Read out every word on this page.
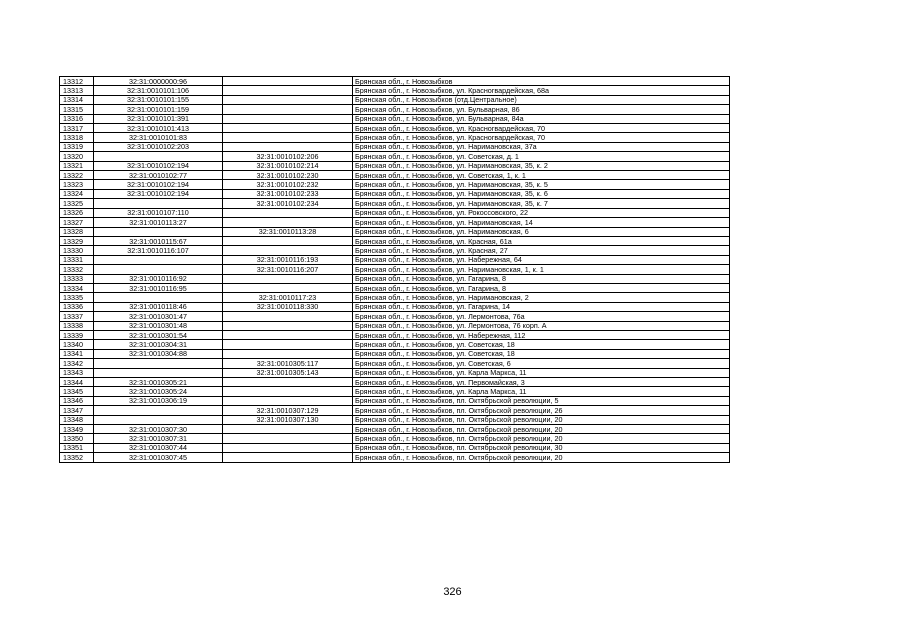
13312	32:31:0000000:96		Брянская обл., г. Новозыбков
13313	32:31:0010101:106		Брянская обл., г. Новозыбков, ул. Красногвардейская, 68а
13314	32:31:0010101:155		Брянская обл., г. Новозыбков (отд.Центральное)
13315	32:31:0010101:159		Брянская обл., г. Новозыбков, ул. Бульварная, 86
13316	32:31:0010101:391		Брянская обл., г. Новозыбков, ул. Бульварная, 84а
13317	32:31:0010101:413		Брянская обл., г. Новозыбков, ул. Красногвардейская, 70
13318	32:31:0010101:83		Брянская обл., г. Новозыбков, ул. Красногвардейская, 70
13319	32:31:0010102:203		Брянская обл., г. Новозыбков, ул. Наримановская, 37а
13320		32:31:0010102:206	Брянская обл., г. Новозыбков, ул. Советская, д. 1
13321	32:31:0010102:194	32:31:0010102:214	Брянская обл., г. Новозыбков, ул. Наримановская, 35, к. 2
13322	32:31:0010102:77	32:31:0010102:230	Брянская обл., г. Новозыбков, ул. Советская, 1, к. 1
13323	32:31:0010102:194	32:31:0010102:232	Брянская обл., г. Новозыбков, ул. Наримановская, 35, к. 5
13324	32:31:0010102:194	32:31:0010102:233	Брянская обл., г. Новозыбков, ул. Наримановская, 35, к. 6
13325		32:31:0010102:234	Брянская обл., г. Новозыбков, ул. Наримановская, 35, к. 7
13326	32:31:0010107:110		Брянская обл., г. Новозыбков, ул. Рокоссовского, 22
13327	32:31:0010113:27		Брянская обл., г. Новозыбков, ул. Наримановская, 14
13328		32:31:0010113:28	Брянская обл., г. Новозыбков, ул. Наримановская, 6
13329	32:31:0010115:67		Брянская обл., г. Новозыбков, ул. Красная, 61а
13330	32:31:0010116:107		Брянская обл., г. Новозыбков, ул. Красная, 27
13331		32:31:0010116:193	Брянская обл., г. Новозыбков, ул. Набережная, 64
13332		32:31:0010116:207	Брянская обл., г. Новозыбков, ул. Наримановская, 1, к. 1
13333	32:31:0010116:92		Брянская обл., г. Новозыбков, ул. Гагарина, 8
13334	32:31:0010116:95		Брянская обл., г. Новозыбков, ул. Гагарина, 8
13335		32:31:0010117:23	Брянская обл., г. Новозыбков, ул. Наримановская, 2
13336	32:31:0010118:46	32:31:0010118:330	Брянская обл., г. Новозыбков, ул. Гагарина, 14
13337	32:31:0010301:47		Брянская обл., г. Новозыбков, ул. Лермонтова, 76а
13338	32:31:0010301:48		Брянская обл., г. Новозыбков, ул. Лермонтова, 76 корп. А
13339	32:31:0010301:54		Брянская обл., г. Новозыбков, ул. Набережная, 112
13340	32:31:0010304:31		Брянская обл., г. Новозыбков, ул. Советская, 18
13341	32:31:0010304:88		Брянская обл., г. Новозыбков, ул. Советская, 18
13342		32:31:0010305:117	Брянская обл., г. Новозыбков, ул. Советская, 6
13343		32:31:0010305:143	Брянская обл., г. Новозыбков, ул. Карла Маркса, 11
13344	32:31:0010305:21		Брянская обл., г. Новозыбков, ул. Первомайская, 3
13345	32:31:0010305:24		Брянская обл., г. Новозыбков, ул. Карла Маркса, 11
13346	32:31:0010306:19		Брянская обл., г. Новозыбков, пл. Октябрьской революции, 5
13347		32:31:0010307:129	Брянская обл., г. Новозыбков, пл. Октябрьской революции, 26
13348		32:31:0010307:130	Брянская обл., г. Новозыбков, пл. Октябрьской революции, 20
13349	32:31:0010307:30		Брянская обл., г. Новозыбков, пл. Октябрьской революции, 20
13350	32:31:0010307:31		Брянская обл., г. Новозыбков, пл. Октябрьской революции, 20
13351	32:31:0010307:44		Брянская обл., г. Новозыбков, пл. Октябрьской революции, 30
13352	32:31:0010307:45		Брянская обл., г. Новозыбков, пл. Октябрьской революции, 20
326
